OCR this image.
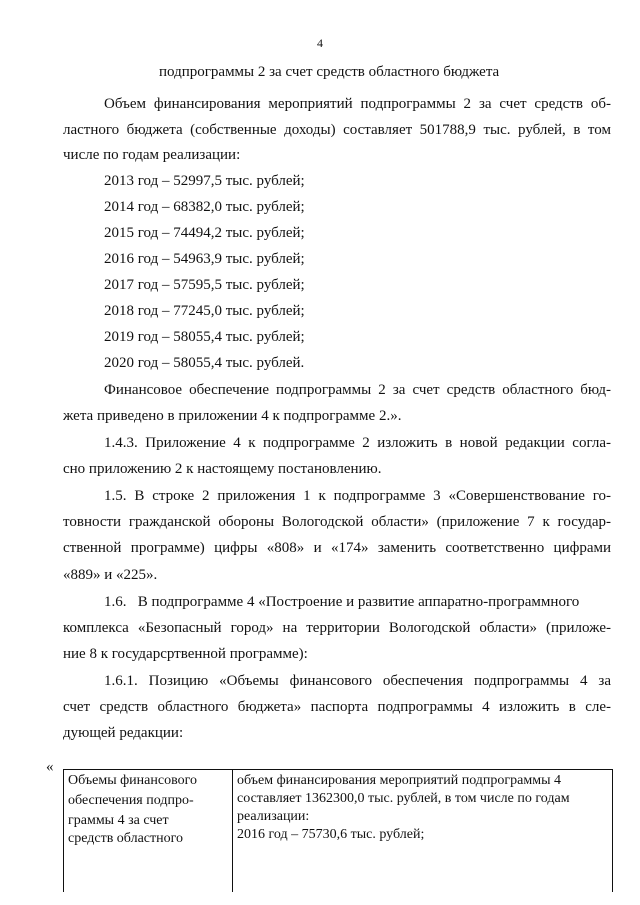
4
подпрограммы 2 за счет средств областного бюджета
Объем финансирования мероприятий подпрограммы 2 за счет средств об-
ластного бюджета (собственные доходы) составляет 501788,9 тыс. рублей, в том
числе по годам реализации:
2013 год – 52997,5 тыс. рублей;
2014 год – 68382,0 тыс. рублей;
2015 год – 74494,2 тыс. рублей;
2016 год – 54963,9 тыс. рублей;
2017 год – 57595,5 тыс. рублей;
2018 год – 77245,0 тыс. рублей;
2019 год – 58055,4 тыс. рублей;
2020 год – 58055,4 тыс. рублей.
Финансовое обеспечение подпрограммы 2 за счет средств областного бюд-
жета приведено в приложении 4 к подпрограмме 2.».
1.4.3. Приложение 4 к подпрограмме 2 изложить в новой редакции согла-
сно приложению 2 к настоящему постановлению.
1.5. В строке 2 приложения 1 к подпрограмме 3 «Совершенствование го-
товности гражданской обороны Вологодской области» (приложение 7 к государ-
ственной программе) цифры «808» и «174» заменить соответственно цифрами
«889» и «225».
1.6.   В подпрограмме 4 «Построение и развитие аппаратно-программного
комплекса «Безопасный город» на территории Вологодской области» (приложе-
ние 8 к государсртвенной программе):
1.6.1. Позицию «Объемы финансового обеспечения подпрограммы 4 за
счет средств областного бюджета» паспорта подпрограммы 4 изложить в сле-
дующей редакции:
«
Объемы финансового
обеспечения подпро-
граммы 4 за счет
средств областного
объем финансирования мероприятий подпрограммы 4
составляет 1362300,0 тыс. рублей, в том числе по годам
реализации:
2016 год – 75730,6 тыс. рублей;
